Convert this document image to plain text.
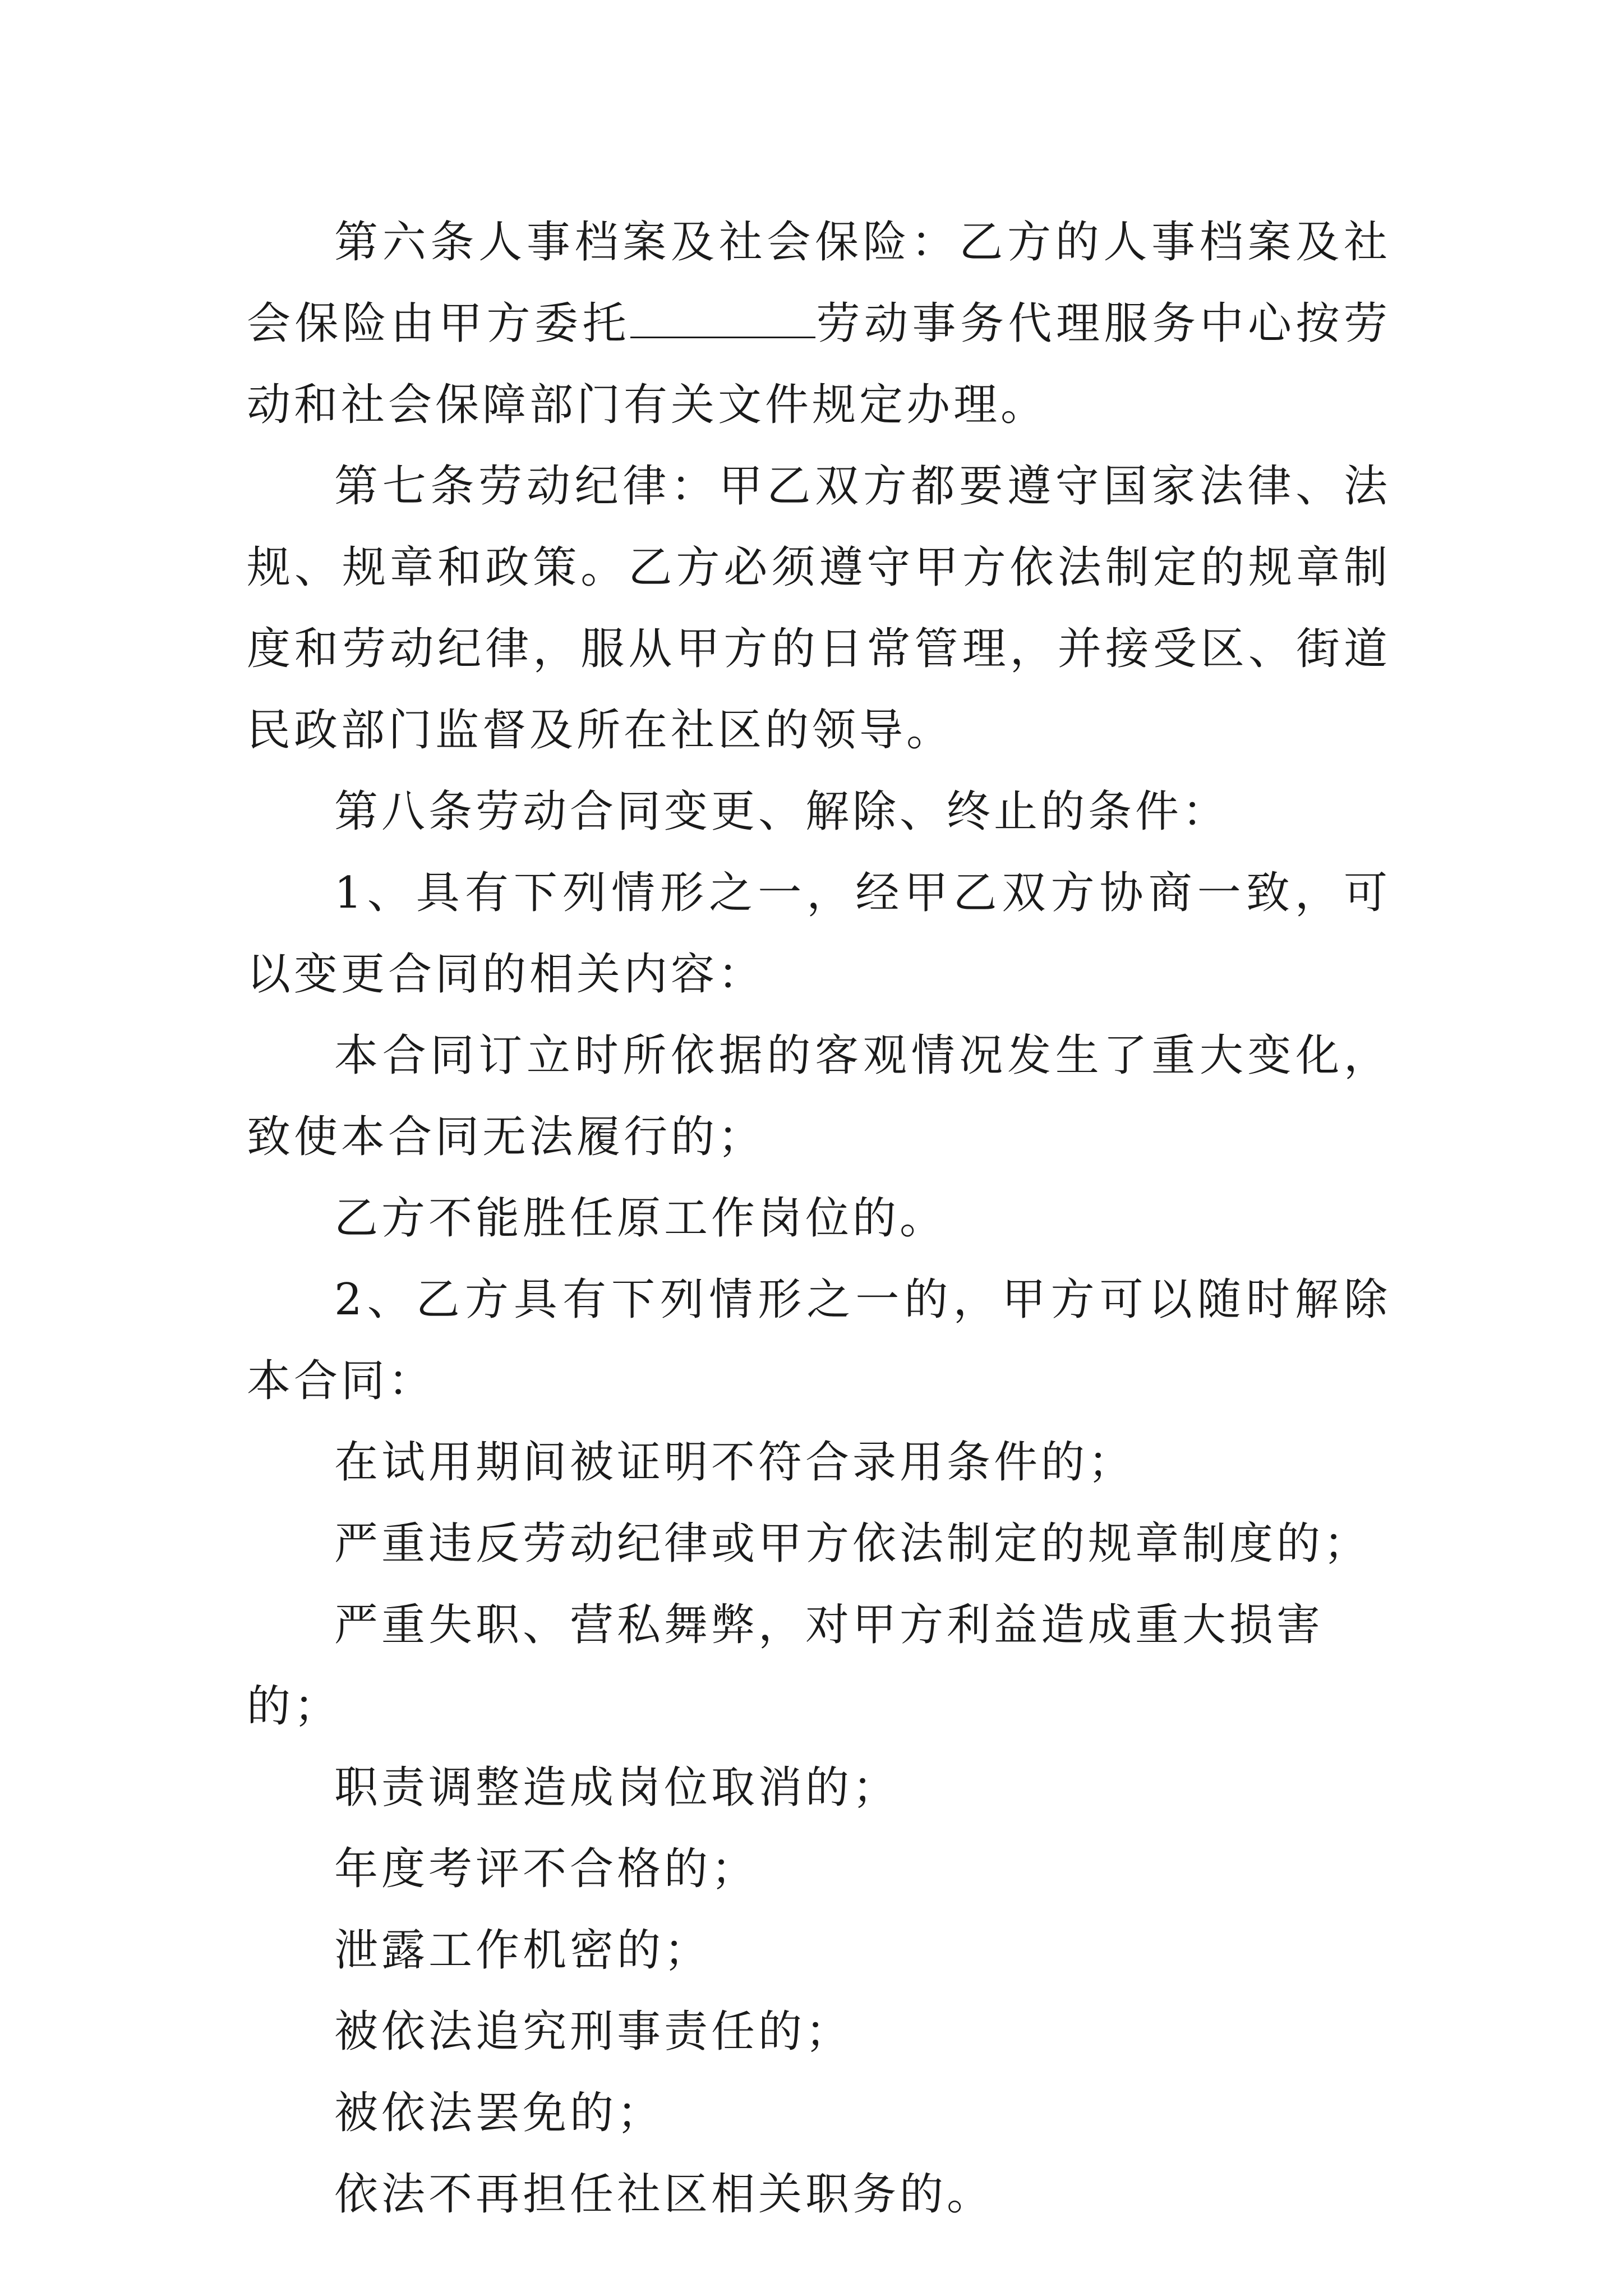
第六条人事档案及社会保险：乙方的人事档案及社会保险由甲方委托	劳动事务代理服务中心按劳动和社会保障部门有关文件规定办理。

第七条劳动纪律：甲乙双方都要遵守国家法律、法规、规章和政策。乙方必须遵守甲方依法制定的规章制度和劳动纪律，服从甲方的日常管理，并接受区、街道民政部门监督及所在社区的领导。

第八条劳动合同变更、解除、终止的条件：

1、具有下列情形之一，经甲乙双方协商一致，可以变更合同的相关内容：

本合同订立时所依据的客观情况发生了重大变化，致使本合同无法履行的；

乙方不能胜任原工作岗位的。

2、乙方具有下列情形之一的，甲方可以随时解除本合同：

在试用期间被证明不符合录用条件的；

严重违反劳动纪律或甲方依法制定的规章制度的；

严重失职、营私舞弊，对甲方利益造成重大损害的；

职责调整造成岗位取消的；

年度考评不合格的；

泄露工作机密的；

被依法追究刑事责任的；

被依法罢免的；

依法不再担任社区相关职务的。
